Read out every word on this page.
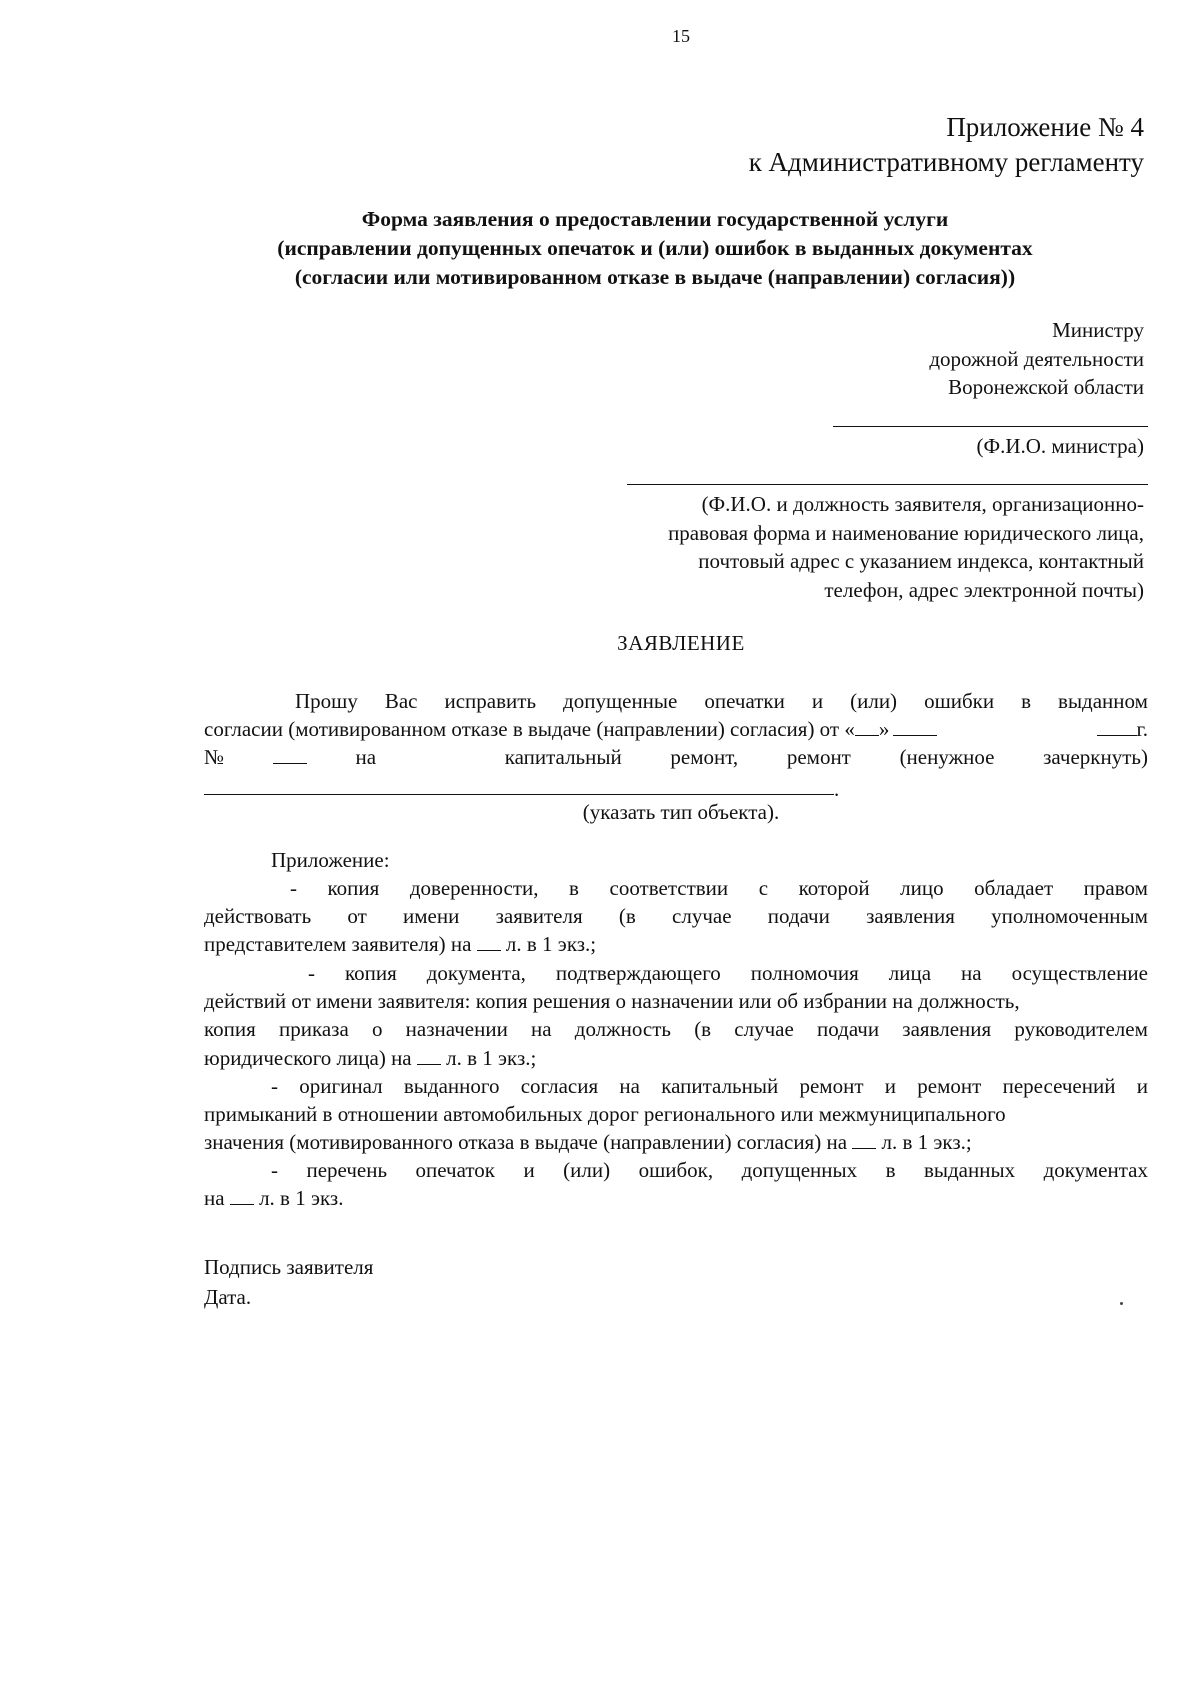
15
Приложение № 4
к Административному регламенту
Форма заявления о предоставлении государственной услуги
(исправлении допущенных опечаток и (или) ошибок в выданных документах
(согласии или мотивированном отказе в выдаче (направлении) согласия))
Министру
дорожной деятельности
Воронежской области
(Ф.И.О. министра)
(Ф.И.О. и должность заявителя, организационно-
правовая форма и наименование юридического лица,
почтовый адрес с указанием индекса, контактный
телефон, адрес электронной почты)
ЗАЯВЛЕНИЕ
Прошу Вас исправить допущенные опечатки и (или) ошибки в выданном
согласии (мотивированном отказе в выдаче (направлении) согласия) от « »	г.
№	на	капитальный ремонт, ремонт (ненужное зачеркнуть)
.
(указать тип объекта).
Приложение:
- копия доверенности, в соответствии с которой лицо обладает правом
действовать от имени заявителя (в случае подачи заявления уполномоченным
представителем заявителя) на л. в 1 экз.;
- копия документа, подтверждающего полномочия лица на осуществление
действий от имени заявителя: копия решения о назначении или об избрании на должность,
копия приказа о назначении на должность (в случае подачи заявления руководителем
юридического лица) на л. в 1 экз.;
- оригинал выданного согласия на капитальный ремонт и ремонт пересечений и
примыканий в отношении автомобильных дорог регионального или межмуниципального
значения (мотивированного отказа в выдаче (направлении) согласия) на л. в 1 экз.;
- перечень опечаток и (или) ошибок, допущенных в выданных документах
на л. в 1 экз.
Подпись заявителя
Дата.
